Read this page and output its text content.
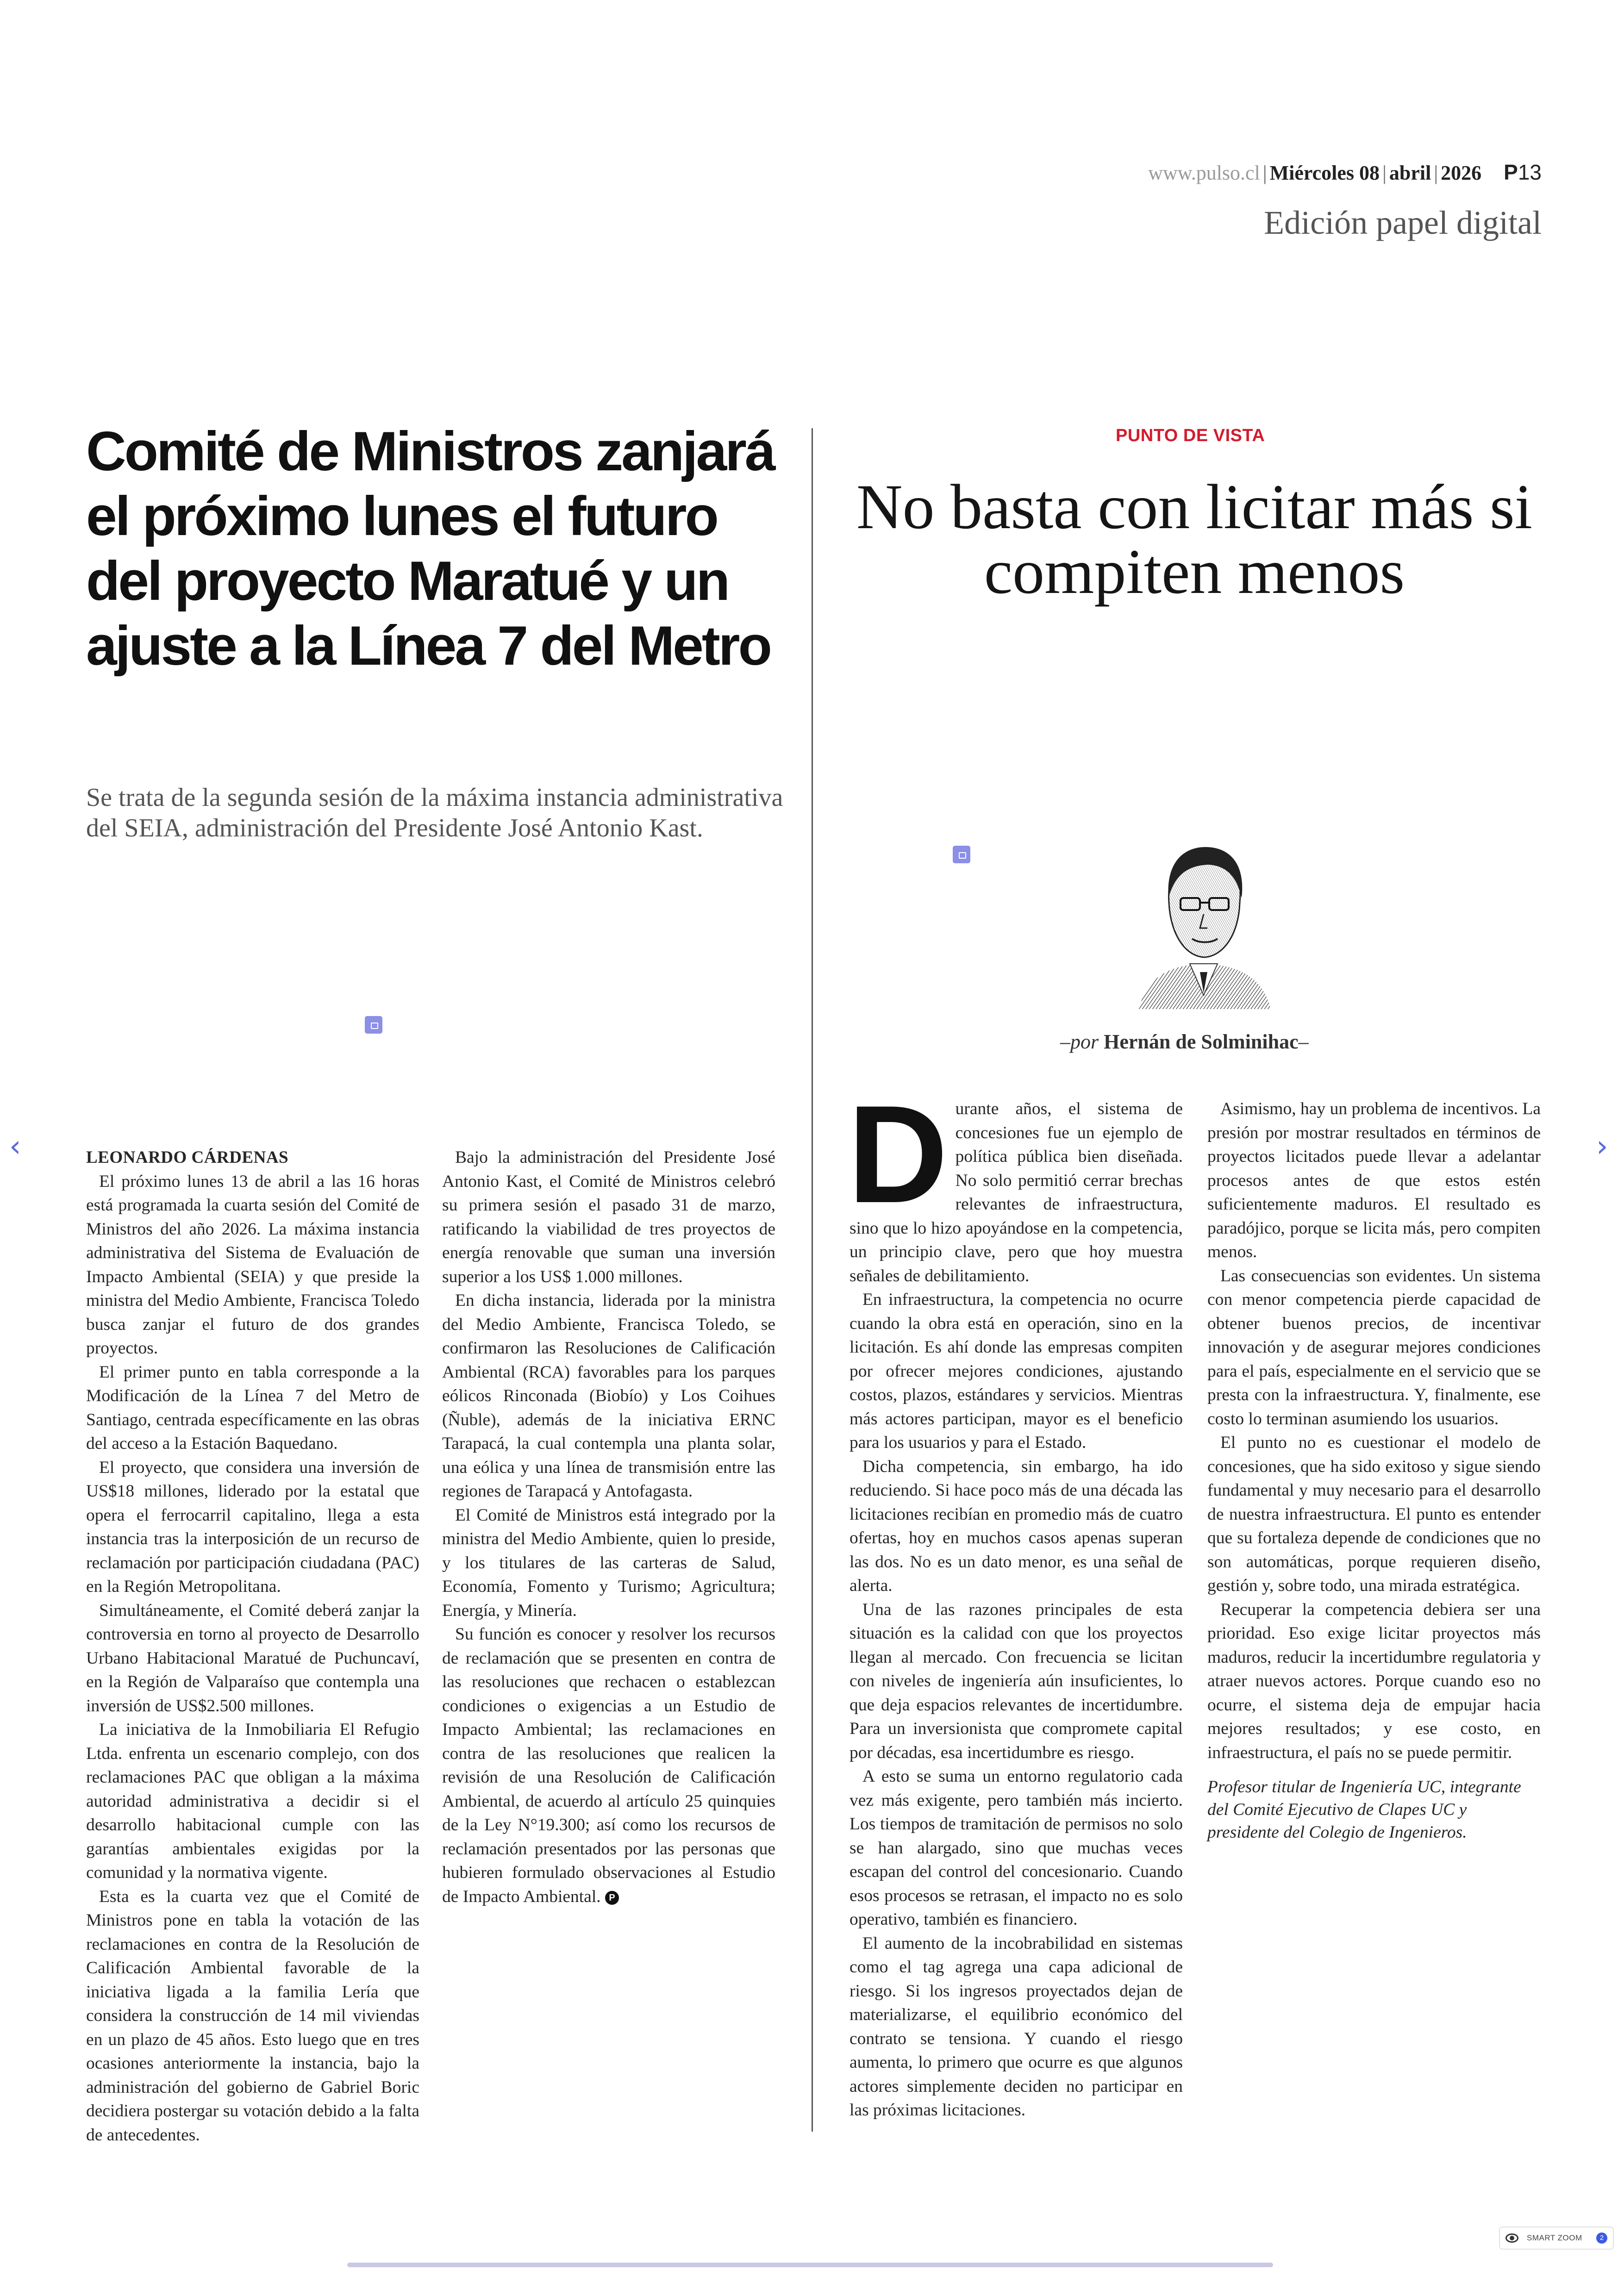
www.pulso.cl | Miércoles 08 | abril | 2026 P13
Edición papel digital
Comité de Ministros zanjará el próximo lunes el futuro del proyecto Maratué y un ajuste a la Línea 7 del Metro

Se trata de la segunda sesión de la máxima instancia administrativa del SEIA, administración del Presidente José Antonio Kast.

PUNTO DE VISTA
No basta con licitar más si compiten menos
–por Hernán de Solminihac–

LEONARDO CÁRDENAS

El próximo lunes 13 de abril a las 16 horas está programada la cuarta sesión del Comité de Ministros del año 2026. La máxima instancia administrativa del Sistema de Evaluación de Impacto Ambiental (SEIA) y que preside la ministra del Medio Ambiente, Francisca Toledo busca zanjar el futuro de dos grandes proyectos.

El primer punto en tabla corresponde a la Modificación de la Línea 7 del Metro de Santiago, centrada específicamente en las obras del acceso a la Estación Baquedano.

El proyecto, que considera una inversión de US$18 millones, liderado por la estatal que opera el ferrocarril capitalino, llega a esta instancia tras la interposición de un recurso de reclamación por participación ciudadana (PAC) en la Región Metropolitana.

Simultáneamente, el Comité deberá zanjar la controversia en torno al proyecto de Desarrollo Urbano Habitacional Maratué de Puchuncaví, en la Región de Valparaíso que contempla una inversión de US$2.500 millones.

La iniciativa de la Inmobiliaria El Refugio Ltda. enfrenta un escenario complejo, con dos reclamaciones PAC que obligan a la máxima autoridad administrativa a decidir si el desarrollo habitacional cumple con las garantías ambientales exigidas por la comunidad y la normativa vigente.

Esta es la cuarta vez que el Comité de Ministros pone en tabla la votación de las reclamaciones en contra de la Resolución de Calificación Ambiental favorable de la iniciativa ligada a la familia Lería que considera la construcción de 14 mil viviendas en un plazo de 45 años. Esto luego que en tres ocasiones anteriormente la instancia, bajo la administración del gobierno de Gabriel Boric decidiera postergar su votación debido a la falta de antecedentes.

Bajo la administración del Presidente José Antonio Kast, el Comité de Ministros celebró su primera sesión el pasado 31 de marzo, ratificando la viabilidad de tres proyectos de energía renovable que suman una inversión superior a los US$ 1.000 millones.

En dicha instancia, liderada por la ministra del Medio Ambiente, Francisca Toledo, se confirmaron las Resoluciones de Calificación Ambiental (RCA) favorables para los parques eólicos Rinconada (Biobío) y Los Coihues (Ñuble), además de la iniciativa ERNC Tarapacá, la cual contempla una planta solar, una eólica y una línea de transmisión entre las regiones de Tarapacá y Antofagasta.

El Comité de Ministros está integrado por la ministra del Medio Ambiente, quien lo preside, y los titulares de las carteras de Salud, Economía, Fomento y Turismo; Agricultura; Energía, y Minería.

Su función es conocer y resolver los recursos de reclamación que se presenten en contra de las resoluciones que rechacen o establezcan condiciones o exigencias a un Estudio de Impacto Ambiental; las reclamaciones en contra de las resoluciones que realicen la revisión de una Resolución de Calificación Ambiental, de acuerdo al artículo 25 quinquies de la Ley N°19.300; así como los recursos de reclamación presentados por las personas que hubieren formulado observaciones al Estudio de Impacto Ambiental. P

Durante años, el sistema de concesiones fue un ejemplo de política pública bien diseñada. No solo permitió cerrar brechas relevantes de infraestructura, sino que lo hizo apoyándose en la competencia, un principio clave, pero que hoy muestra señales de debilitamiento.

En infraestructura, la competencia no ocurre cuando la obra está en operación, sino en la licitación. Es ahí donde las empresas compiten por ofrecer mejores condiciones, ajustando costos, plazos, estándares y servicios. Mientras más actores participan, mayor es el beneficio para los usuarios y para el Estado.

Dicha competencia, sin embargo, ha ido reduciendo. Si hace poco más de una década las licitaciones recibían en promedio más de cuatro ofertas, hoy en muchos casos apenas superan las dos. No es un dato menor, es una señal de alerta.

Una de las razones principales de esta situación es la calidad con que los proyectos llegan al mercado. Con frecuencia se licitan con niveles de ingeniería aún insuficientes, lo que deja espacios relevantes de incertidumbre. Para un inversionista que compromete capital por décadas, esa incertidumbre es riesgo.

A esto se suma un entorno regulatorio cada vez más exigente, pero también más incierto. Los tiempos de tramitación de permisos no solo se han alargado, sino que muchas veces escapan del control del concesionario. Cuando esos procesos se retrasan, el impacto no es solo operativo, también es financiero.

El aumento de la incobrabilidad en sistemas como el tag agrega una capa adicional de riesgo. Si los ingresos proyectados dejan de materializarse, el equilibrio económico del contrato se tensiona. Y cuando el riesgo aumenta, lo primero que ocurre es que algunos actores simplemente deciden no participar en las próximas licitaciones.

Asimismo, hay un problema de incentivos. La presión por mostrar resultados en términos de proyectos licitados puede llevar a adelantar procesos antes de que estos estén suficientemente maduros. El resultado es paradójico, porque se licita más, pero compiten menos.

Las consecuencias son evidentes. Un sistema con menor competencia pierde capacidad de obtener buenos precios, de incentivar innovación y de asegurar mejores condiciones para el país, especialmente en el servicio que se presta con la infraestructura. Y, finalmente, ese costo lo terminan asumiendo los usuarios.

El punto no es cuestionar el modelo de concesiones, que ha sido exitoso y sigue siendo fundamental y muy necesario para el desarrollo de nuestra infraestructura. El punto es entender que su fortaleza depende de condiciones que no son automáticas, porque requieren diseño, gestión y, sobre todo, una mirada estratégica.

Recuperar la competencia debiera ser una prioridad. Eso exige licitar proyectos más maduros, reducir la incertidumbre regulatoria y atraer nuevos actores. Porque cuando eso no ocurre, el sistema deja de empujar hacia mejores resultados; y ese costo, en infraestructura, el país no se puede permitir.

Profesor titular de Ingeniería UC, integrante del Comité Ejecutivo de Clapes UC y presidente del Colegio de Ingenieros.

‹	›
SMART ZOOM	2
